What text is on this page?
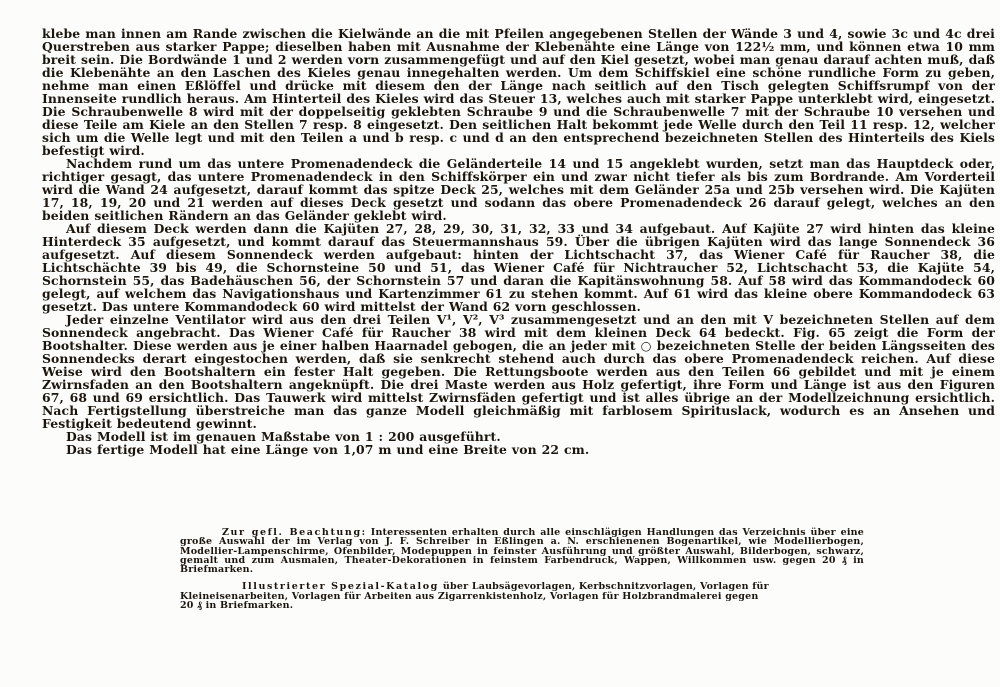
klebe man innen am Rande zwischen die Kielwände an die mit Pfeilen angegebenen Stellen der Wände 3 und 4, sowie 3c und 4c drei Querstreben aus starker Pappe; dieselben haben mit Ausnahme der Klebenähte eine Länge von 122½ mm, und können etwa 10 mm breit sein. Die Bordwände 1 und 2 werden vorn zusammengefügt und auf den Kiel gesetzt, wobei man genau darauf achten muß, daß die Klebenähte an den Laschen des Kieles genau innegehalten werden. Um dem Schiffskiel eine schöne rundliche Form zu geben, nehme man einen Eßlöffel und drücke mit diesem den der Länge nach seitlich auf den Tisch gelegten Schiffsrumpf von der Innenseite rundlich heraus. Am Hinterteil des Kieles wird das Steuer 13, welches auch mit starker Pappe unterklebt wird, eingesetzt. Die Schraubenwelle 8 wird mit der doppelseitig geklebten Schraube 9 und die Schraubenwelle 7 mit der Schraube 10 versehen und diese Teile am Kiele an den Stellen 7 resp. 8 eingesetzt. Den seitlichen Halt bekommt jede Welle durch den Teil 11 resp. 12, welcher sich um die Welle legt und mit den Teilen a und b resp. c und d an den entsprechend bezeichneten Stellen des Hinterteils des Kiels befestigt wird.

Nachdem rund um das untere Promenadendeck die Geländerteile 14 und 15 angeklebt wurden, setzt man das Hauptdeck oder, richtiger gesagt, das untere Promenadendeck in den Schiffskörper ein und zwar nicht tiefer als bis zum Bordrande. Am Vorderteil wird die Wand 24 aufgesetzt, darauf kommt das spitze Deck 25, welches mit dem Geländer 25a und 25b versehen wird. Die Kajüten 17, 18, 19, 20 und 21 werden auf dieses Deck gesetzt und sodann das obere Promenadendeck 26 darauf gelegt, welches an den beiden seitlichen Rändern an das Geländer geklebt wird.

Auf diesem Deck werden dann die Kajüten 27, 28, 29, 30, 31, 32, 33 und 34 aufgebaut. Auf Kajüte 27 wird hinten das kleine Hinterdeck 35 aufgesetzt, und kommt darauf das Steuermannshaus 59. Über die übrigen Kajüten wird das lange Sonnendeck 36 aufgesetzt. Auf diesem Sonnendeck werden aufgebaut: hinten der Lichtschacht 37, das Wiener Café für Raucher 38, die Lichtschächte 39 bis 49, die Schornsteine 50 und 51, das Wiener Café für Nichtraucher 52, Lichtschacht 53, die Kajüte 54, Schornstein 55, das Badehäuschen 56, der Schornstein 57 und daran die Kapitänswohnung 58. Auf 58 wird das Kommandodeck 60 gelegt, auf welchem das Navigationshaus und Kartenzimmer 61 zu stehen kommt. Auf 61 wird das kleine obere Kommandodeck 63 gesetzt. Das untere Kommandodeck 60 wird mittelst der Wand 62 vorn geschlossen.

Jeder einzelne Ventilator wird aus den drei Teilen V¹, V², V³ zusammengesetzt und an den mit V bezeichneten Stellen auf dem Sonnendeck angebracht. Das Wiener Café für Raucher 38 wird mit dem kleinen Deck 64 bedeckt. Fig. 65 zeigt die Form der Bootshalter. Diese werden aus je einer halben Haarnadel gebogen, die an jeder mit ○ bezeichneten Stelle der beiden Längsseiten des Sonnendecks derart eingestochen werden, daß sie senkrecht stehend auch durch das obere Promenadendeck reichen. Auf diese Weise wird den Bootshaltern ein fester Halt gegeben. Die Rettungsboote werden aus den Teilen 66 gebildet und mit je einem Zwirnsfaden an den Bootshaltern angeknüpft. Die drei Maste werden aus Holz gefertigt, ihre Form und Länge ist aus den Figuren 67, 68 und 69 ersichtlich. Das Tauwerk wird mittelst Zwirnsfäden gefertigt und ist alles übrige an der Modellzeichnung ersichtlich. Nach Fertigstellung überstreiche man das ganze Modell gleichmäßig mit farblosem Spirituslack, wodurch es an Ansehen und Festigkeit bedeutend gewinnt.

Das Modell ist im genauen Maßstabe von 1 : 200 ausgeführt.

Das fertige Modell hat eine Länge von 1,07 m und eine Breite von 22 cm.

Zur gefl. Beachtung: Interessenten erhalten durch alle einschlägigen Handlungen das Verzeichnis über eine große Auswahl der im Verlag von J. F. Schreiber in Eßlingen a. N. erschienenen Bogenartikel, wie Modellierbogen, Modellier-Lampenschirme, Ofenbilder, Modepuppen in feinster Ausführung und größter Auswahl, Bilderbogen, schwarz, gemalt und zum Ausmalen, Theater-Dekorationen in feinstem Farbendruck, Wappen, Willkommen usw. gegen 20 ₰ in Briefmarken.

Illustrierter Spezial-Katalog über Laubsägevorlagen, Kerbschnitzvorlagen, Vorlagen für Kleineisenarbeiten, Vorlagen für Arbeiten aus Zigarrenkistenholz, Vorlagen für Holzbrandmalerei gegen 20 ₰ in Briefmarken.
